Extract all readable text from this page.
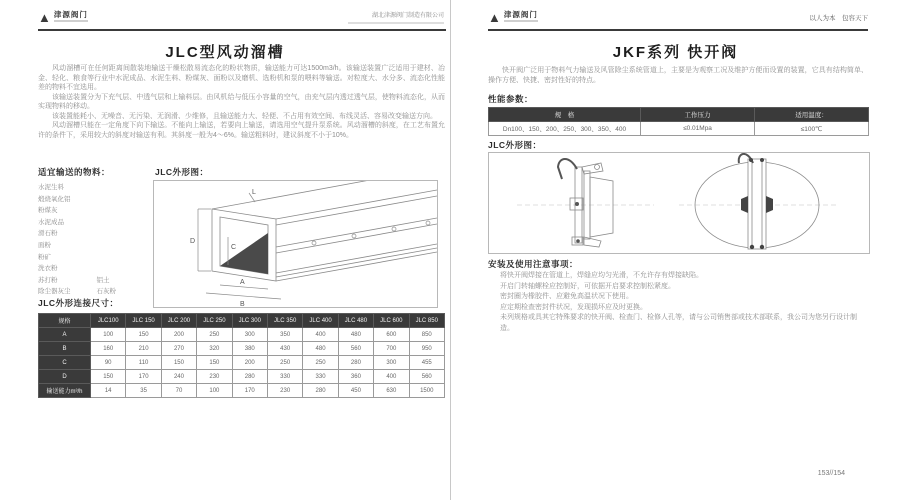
▲ 津源阀门	湖北津源阀门制造有限公司
JLC型风动溜槽

风动溜槽可在任何距离间散装地输送干燥松散易流态化的粉状物质，输送能力可达1500m3/h。该输送装置广泛适用于建材、冶金、轻化、粮食等行业中水泥成品、水泥生料、粉煤灰、面粉以及磨机、选粉机和泵的喂料等输送。对粒度大、水分多、流态化性能差的物料不宜选用。

该输送装置分为下充气层、中透气层和上输料层。由风机给与低压小容量的空气，由充气层内透过透气层，使物料流态化，从而实现物料的移动。

该装置能耗小、无噪音、无污染、无润滑、少维修，且输送能力大、轻便、不占用有效空间、布线灵活、容易改变输送方向。

风动溜槽只能在一定角度下向下输送。不能向上输送，若要向上输送，请选用空气提升泵系统。风动溜槽的斜度，在工艺布置允许的条件下，采用较大的斜度对输送有利。其斜度一般为4～6%。输送粗料时，建议斜度不小于10%。

适宜输送的物料：	JLC外形图：
水泥生料
煅烧氧化铝
粉煤灰
水泥成品
滑石粉
面粉
粉矿
洗衣粉
苏打粉　　　　　　铝土
除尘器灰尘　　　　石灰粉
D
C
A
B
L
JLC外形连接尺寸：
规格	JLC100	JLC 150	JLC 200	JLC 250	JLC 300	JLC 350	JLC 400	JLC 480	JLC 600	JLC 850
A	100	150	200	250	300	350	400	480	600	850
B	160	210	270	320	380	430	480	560	700	950
C	90	110	150	150	200	250	250	280	300	455
D	150	170	240	230	280	330	330	360	400	560
输送能力m³/h	14	35	70	100	170	230	280	450	630	1500
▲ 津源阀门	以人为本　包容天下
JKF系列 快开阀

快开阀广泛用于物料气力输送及风管除尘系统管道上，主要是为观察工况及维护方便而设置的装置，它具有结构简单、操作方便、快捷、密封性好的特点。

性能参数：
规　格	工作压力	适用温度：
Dn100、150、200、250、300、350、400	≤0.01Mpa	≤100℃
JLC外形图：
安装及使用注意事项：
将快开阀焊接在管道上，焊缝应均匀光滑，不允许存有焊接缺陷。
开启门转轴螺栓应控制好，可依据开启要求控制松紧度。
密封圈为橡胶件、应避免高温状况下使用。
应定期检查密封件状况，发现损坏应及时更换。
未列规格或具其它特殊要求的快开阀、检查门、检修人孔等，请与公司销售部或技术部联系，我公司为您另行设计制造。
153//154
